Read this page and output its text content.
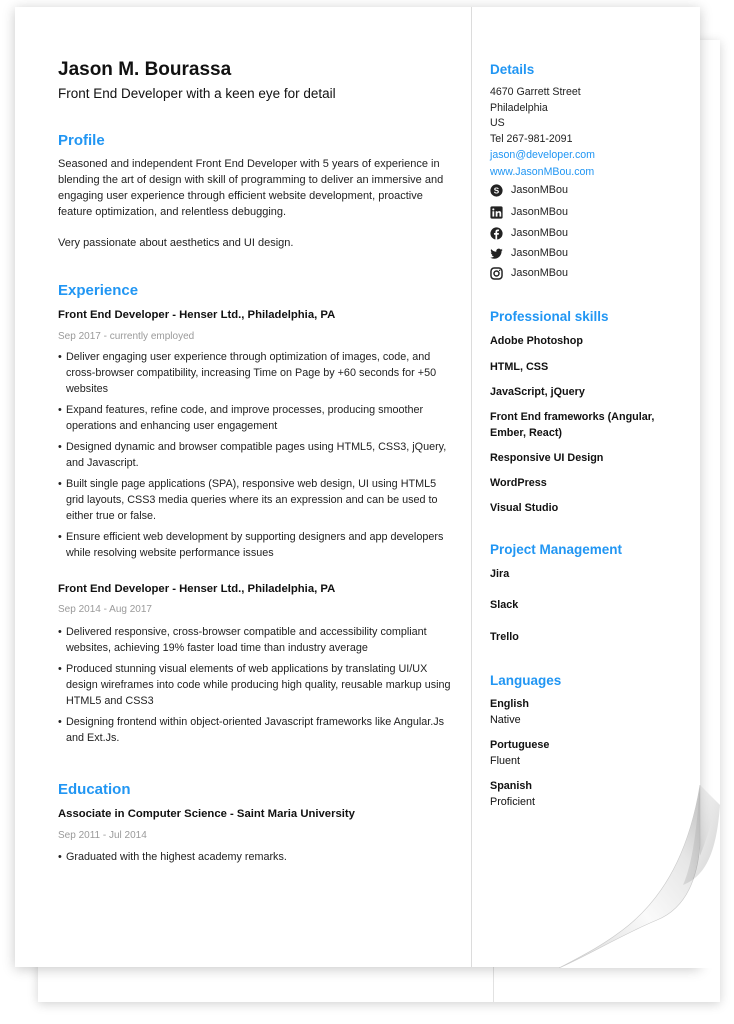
Jason M. Bourassa
Front End Developer with a keen eye for detail
Profile
Seasoned and independent Front End Developer with 5 years of experience in blending the art of design with skill of programming to deliver an immersive and engaging user experience through efficient website development, proactive feature optimization, and relentless debugging.
Very passionate about aesthetics and UI design.
Experience
Front End Developer - Henser Ltd., Philadelphia, PA
Sep 2017 - currently employed
• Deliver engaging user experience through optimization of images, code, and cross-browser compatibility, increasing Time on Page by +60 seconds for +50 websites
• Expand features, refine code, and improve processes, producing smoother operations and enhancing user engagement
• Designed dynamic and browser compatible pages using HTML5, CSS3, jQuery, and Javascript.
• Built single page applications (SPA), responsive web design, UI using HTML5 grid layouts, CSS3 media queries where its an expression and can be used to either true or false.
• Ensure efficient web development by supporting designers and app developers while resolving website performance issues
Front End Developer - Henser Ltd., Philadelphia, PA
Sep 2014 - Aug 2017
• Delivered responsive, cross-browser compatible and accessibility compliant websites, achieving 19% faster load time than industry average
• Produced stunning visual elements of web applications by translating UI/UX design wireframes into code while producing high quality, reusable markup using HTML5 and CSS3
• Designing frontend within object-oriented Javascript frameworks like Angular.Js and Ext.Js.
Education
Associate in Computer Science - Saint Maria University
Sep 2011 - Jul 2014
• Graduated with the highest academy remarks.
Details
4670 Garrett Street
Philadelphia
US
Tel 267-981-2091
jason@developer.com
www.JasonMBou.com
S JasonMBou
JasonMBou
JasonMBou
JasonMBou
JasonMBou
Professional skills
Adobe Photoshop
HTML, CSS
JavaScript, jQuery
Front End frameworks (Angular, Ember, React)
Responsive UI Design
WordPress
Visual Studio
Project Management
Jira
Slack
Trello
Languages
English
Native
Portuguese
Fluent
Spanish
Proficient
